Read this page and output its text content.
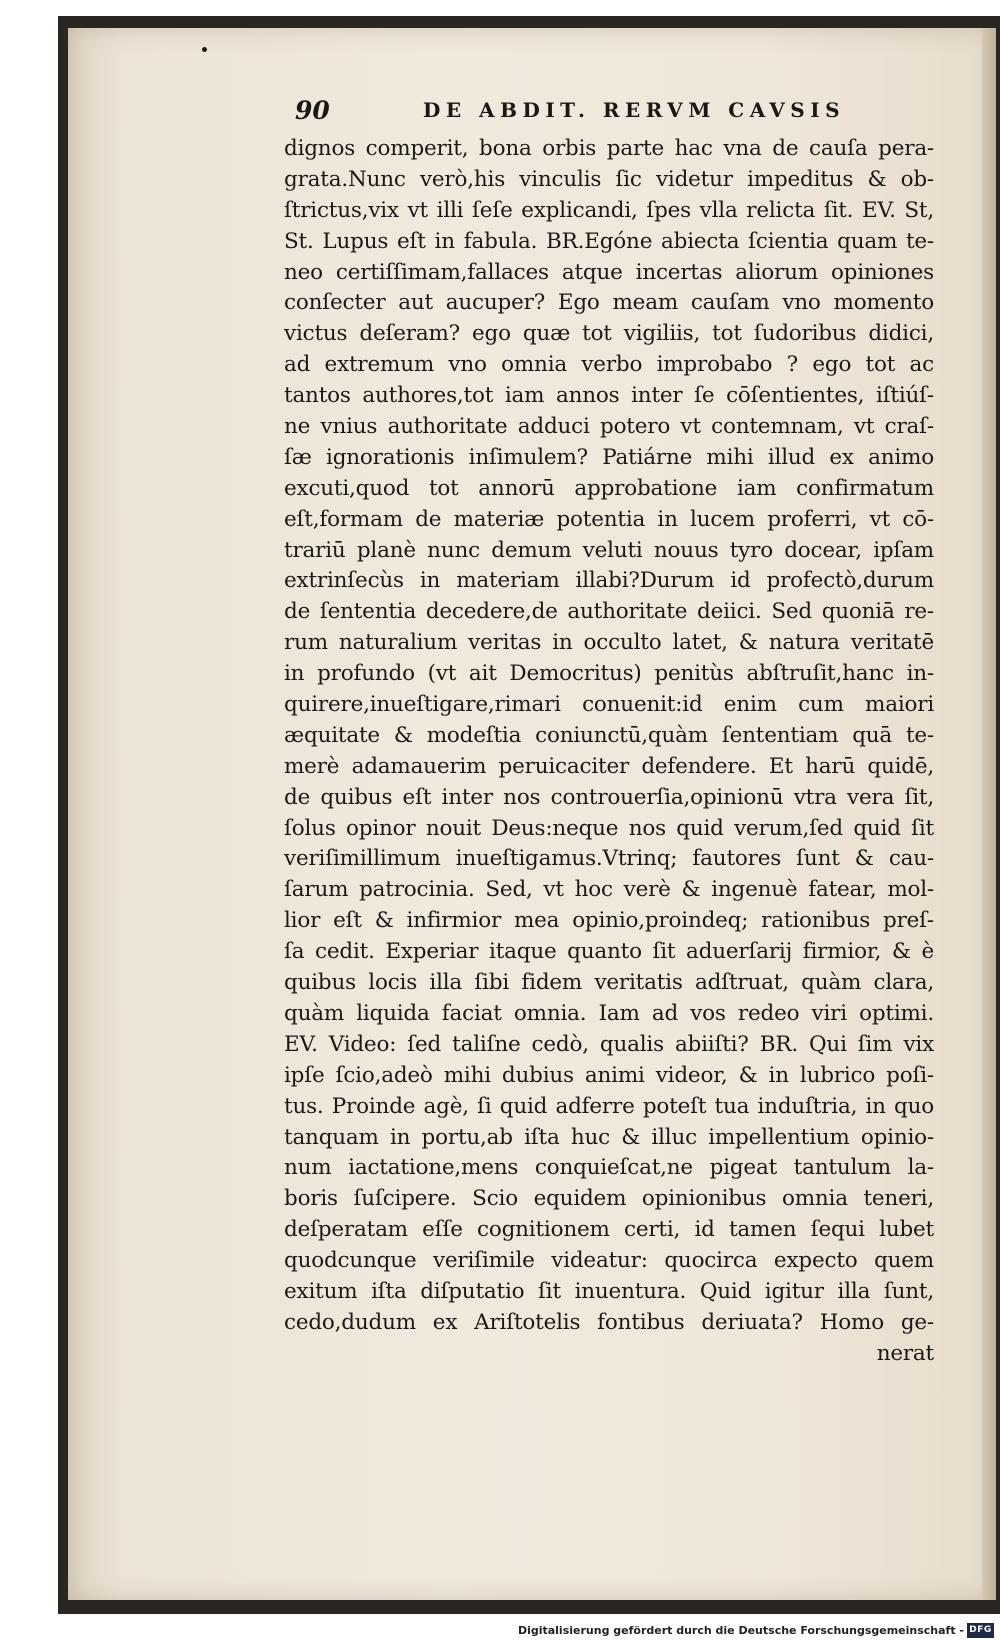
90	DE ABDIT. RERVM CAVSIS
dignos comperit, bona orbis parte hac vna de cauſa pera-
grata.Nunc verò,his vinculis ſic videtur impeditus & ob-
ſtrictus,vix vt illi ſeſe explicandi, ſpes vlla relicta ſit. EV. St,
St. Lupus eſt in fabula. BR.Egóne abiecta ſcientia quam te-
neo certiſſimam,fallaces atque incertas aliorum opiniones
conſecter aut aucuper? Ego meam cauſam vno momento
victus deſeram? ego quæ tot vigiliis, tot ſudoribus didici,
ad extremum vno omnia verbo improbabo ? ego tot ac
tantos authores,tot iam annos inter ſe cōſentientes, iſtiúſ-
ne vnius authoritate adduci potero vt contemnam, vt craſ-
ſæ ignorationis inſimulem? Patiárne mihi illud ex animo
excuti,quod tot annorū approbatione iam confirmatum
eſt,formam de materiæ potentia in lucem proferri, vt cō-
trariū planè nunc demum veluti nouus tyro docear, ipſam
extrinſecùs in materiam illabi?Durum id profectò,durum
de ſententia decedere,de authoritate deiici. Sed quoniā re-
rum naturalium veritas in occulto latet, & natura veritatē
in profundo (vt ait Democritus) penitùs abſtruſit,hanc in-
quirere,inueſtigare,rimari conuenit:id enim cum maiori
æquitate & modeſtia coniunctū,quàm ſententiam quā te-
merè adamauerim peruicaciter defendere. Et harū quidē,
de quibus eſt inter nos controuerſia,opinionū vtra vera ſit,
ſolus opinor nouit Deus:neque nos quid verum,ſed quid ſit
veriſimillimum inueſtigamus.Vtrinq; fautores ſunt & cau-
ſarum patrocinia. Sed, vt hoc verè & ingenuè fatear, mol-
lior eſt & infirmior mea opinio,proindeq; rationibus preſ-
ſa cedit. Experiar itaque quanto ſit aduerſarij firmior, & è
quibus locis illa ſibi fidem veritatis adſtruat, quàm clara,
quàm liquida faciat omnia. Iam ad vos redeo viri optimi.
EV. Video: ſed taliſne cedò, qualis abiiſti? BR. Qui ſim vix
ipſe ſcio,adeò mihi dubius animi videor, & in lubrico poſi-
tus. Proinde agè, ſi quid adferre poteſt tua induſtria, in quo
tanquam in portu,ab iſta huc & illuc impellentium opinio-
num iactatione,mens conquieſcat,ne pigeat tantulum la-
boris ſuſcipere. Scio equidem opinionibus omnia teneri,
deſperatam eſſe cognitionem certi, id tamen ſequi lubet
quodcunque veriſimile videatur: quocirca expecto quem
exitum iſta diſputatio ſit inuentura. Quid igitur illa ſunt,
cedo,dudum ex Ariſtotelis fontibus deriuata? Homo ge-
nerat
Digitalisierung gefördert durch die Deutsche Forschungsgemeinschaft - DFG
